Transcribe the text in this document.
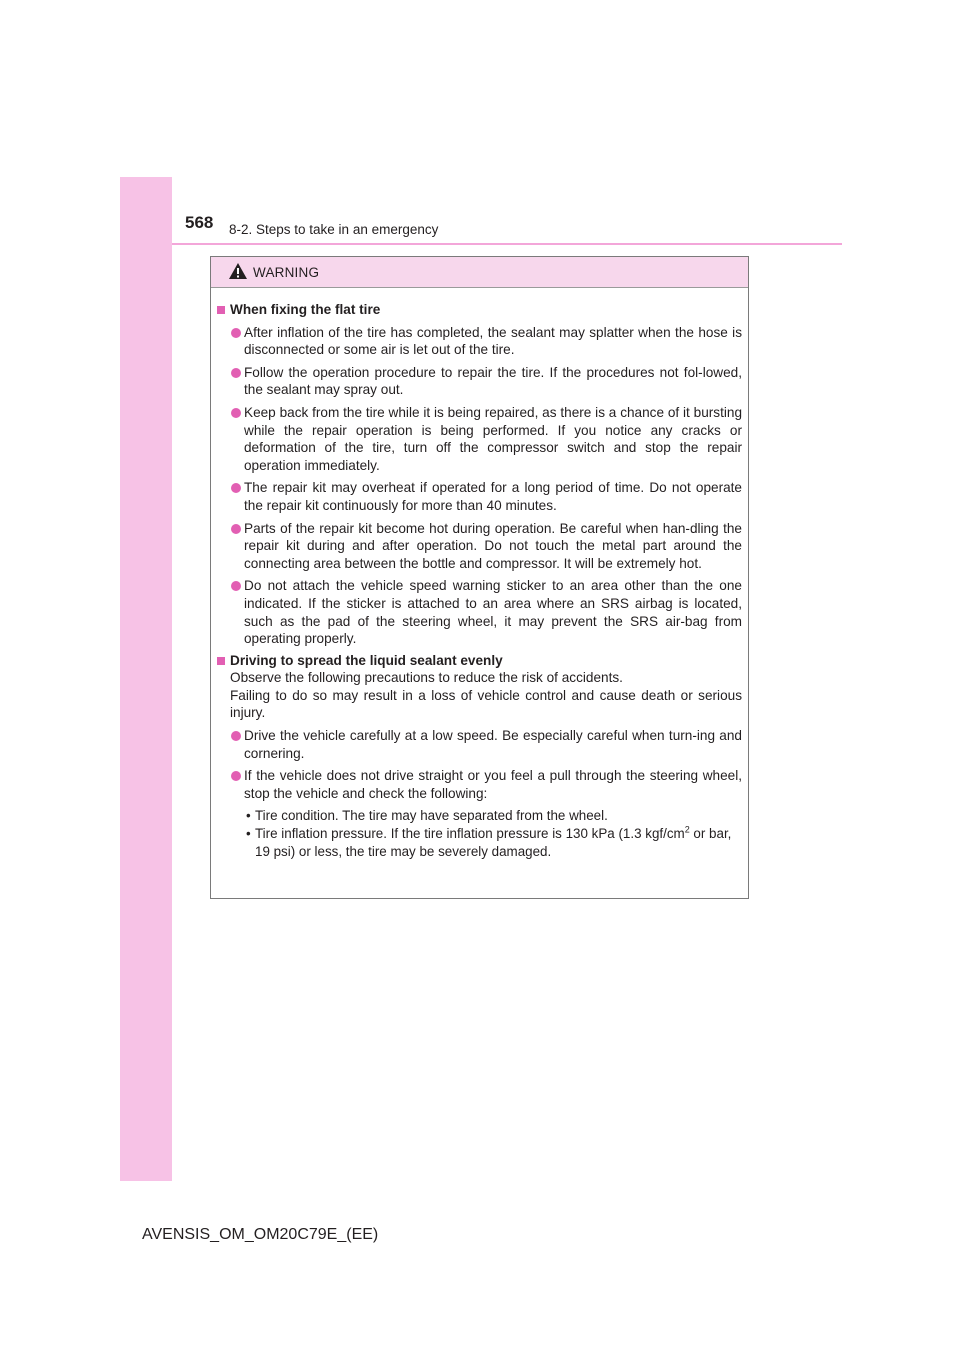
568 8-2. Steps to take in an emergency
WARNING
When fixing the flat tire
After inflation of the tire has completed, the sealant may splatter when the hose is disconnected or some air is let out of the tire.
Follow the operation procedure to repair the tire. If the procedures not fol-lowed, the sealant may spray out.
Keep back from the tire while it is being repaired, as there is a chance of it bursting while the repair operation is being performed. If you notice any cracks or deformation of the tire, turn off the compressor switch and stop the repair operation immediately.
The repair kit may overheat if operated for a long period of time. Do not operate the repair kit continuously for more than 40 minutes.
Parts of the repair kit become hot during operation. Be careful when han-dling the repair kit during and after operation. Do not touch the metal part around the connecting area between the bottle and compressor. It will be extremely hot.
Do not attach the vehicle speed warning sticker to an area other than the one indicated. If the sticker is attached to an area where an SRS airbag is located, such as the pad of the steering wheel, it may prevent the SRS air-bag from operating properly.
Driving to spread the liquid sealant evenly
Observe the following precautions to reduce the risk of accidents.
Failing to do so may result in a loss of vehicle control and cause death or serious injury.
Drive the vehicle carefully at a low speed. Be especially careful when turn-ing and cornering.
If the vehicle does not drive straight or you feel a pull through the steering wheel, stop the vehicle and check the following:
• Tire condition. The tire may have separated from the wheel.
• Tire inflation pressure. If the tire inflation pressure is 130 kPa (1.3 kgf/$cm^2$ or bar, 19 psi) or less, the tire may be severely damaged.
AVENSIS_OM_OM20C79E_(EE)
